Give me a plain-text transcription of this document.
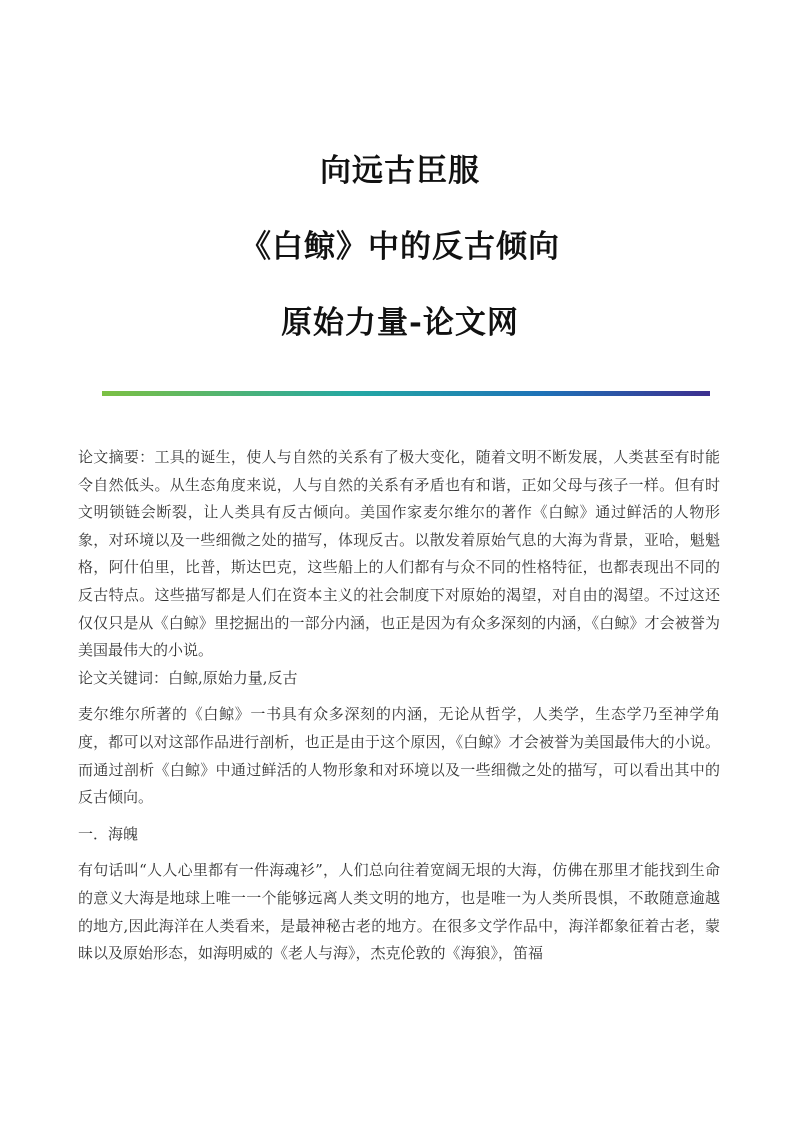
向远古臣服
《白鲸》中的反古倾向
原始力量-论文网

论文摘要：工具的诞生，使人与自然的关系有了极大变化，随着文明不断发展，人类甚至有时能令自然低头。从生态角度来说，人与自然的关系有矛盾也有和谐，正如父母与孩子一样。但有时文明锁链会断裂，让人类具有反古倾向。美国作家麦尔维尔的著作《白鲸》通过鲜活的人物形象，对环境以及一些细微之处的描写，体现反古。以散发着原始气息的大海为背景，亚哈，魁魁格，阿什伯里，比普，斯达巴克，这些船上的人们都有与众不同的性格特征，也都表现出不同的反古特点。这些描写都是人们在资本主义的社会制度下对原始的渴望，对自由的渴望。不过这还仅仅只是从《白鲸》里挖掘出的一部分内涵，也正是因为有众多深刻的内涵，《白鲸》才会被誉为美国最伟大的小说。

论文关键词：白鲸,原始力量,反古

麦尔维尔所著的《白鲸》一书具有众多深刻的内涵，无论从哲学，人类学，生态学乃至神学角度，都可以对这部作品进行剖析，也正是由于这个原因，《白鲸》才会被誉为美国最伟大的小说。而通过剖析《白鲸》中通过鲜活的人物形象和对环境以及一些细微之处的描写，可以看出其中的反古倾向。

一．海魄

有句话叫“人人心里都有一件海魂衫”，人们总向往着宽阔无垠的大海，仿佛在那里才能找到生命的意义大海是地球上唯一一个能够远离人类文明的地方，也是唯一为人类所畏惧，不敢随意逾越的地方,因此海洋在人类看来，是最神秘古老的地方。在很多文学作品中，海洋都象征着古老，蒙昧以及原始形态，如海明威的《老人与海》，杰克伦敦的《海狼》，笛福
